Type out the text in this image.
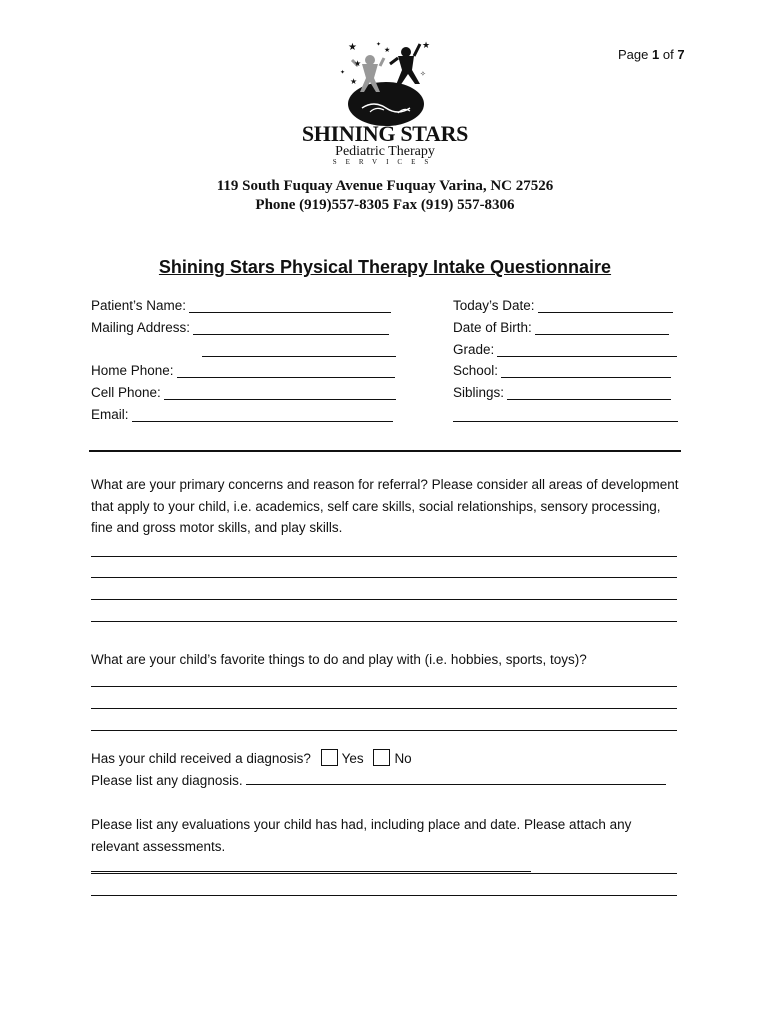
Page 1 of 7
★
★
✦
★
★
✧
★
✦
SHINING STARS
Pediatric Therapy
SERVICES
119 South Fuquay Avenue Fuquay Varina, NC 27526
Phone (919)557-8305 Fax (919) 557-8306
Shining Stars Physical Therapy Intake Questionnaire
Patient’s Name:
Mailing Address:
Home Phone:
Cell Phone:
Email:
Today’s Date:
Date of Birth:
Grade:
School:
Siblings:
What are your primary concerns and reason for referral? Please consider all areas of development that apply to your child, i.e. academics, self care skills, social relationships, sensory processing, fine and gross motor skills, and play skills.
What are your child’s favorite things to do and play with (i.e. hobbies, sports, toys)?
Has your child received a diagnosis? Yes No
Please list any diagnosis.
Please list any evaluations your child has had, including place and date. Please attach any relevant assessments.
